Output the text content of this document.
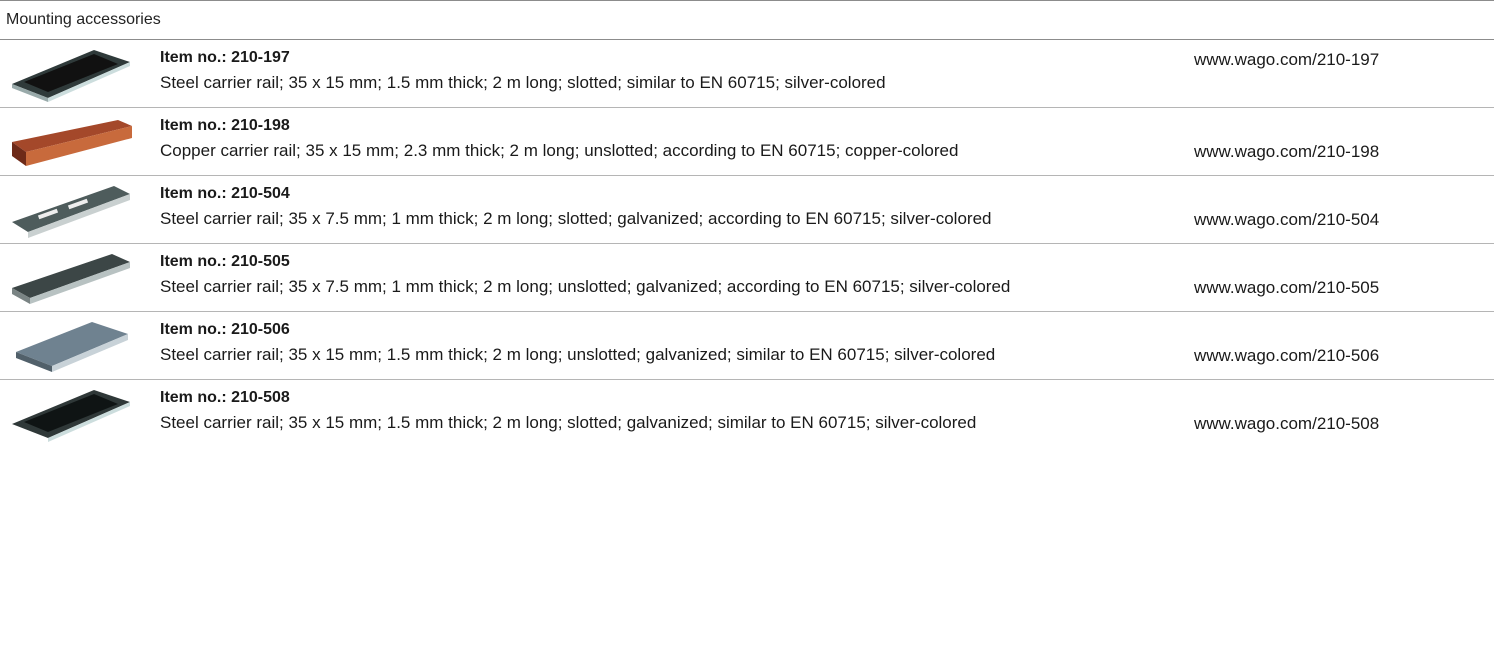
Mounting accessories
Item no.: 210-197
Steel carrier rail; 35 x 15 mm; 1.5 mm thick; 2 m long; slotted; similar to EN 60715; silver-colored
www.wago.com/210-197
Item no.: 210-198
Copper carrier rail; 35 x 15 mm; 2.3 mm thick; 2 m long; unslotted; according to EN 60715; copper-colored	www.wago.com/210-198
Item no.: 210-504
Steel carrier rail; 35 x 7.5 mm; 1 mm thick; 2 m long; slotted; galvanized; according to EN 60715; silver-colored	www.wago.com/210-504
Item no.: 210-505
Steel carrier rail; 35 x 7.5 mm; 1 mm thick; 2 m long; unslotted; galvanized; according to EN 60715; silver-colored	www.wago.com/210-505
Item no.: 210-506
Steel carrier rail; 35 x 15 mm; 1.5 mm thick; 2 m long; unslotted; galvanized; similar to EN 60715; silver-colored	www.wago.com/210-506
Item no.: 210-508
Steel carrier rail; 35 x 15 mm; 1.5 mm thick; 2 m long; slotted; galvanized; similar to EN 60715; silver-colored	www.wago.com/210-508
